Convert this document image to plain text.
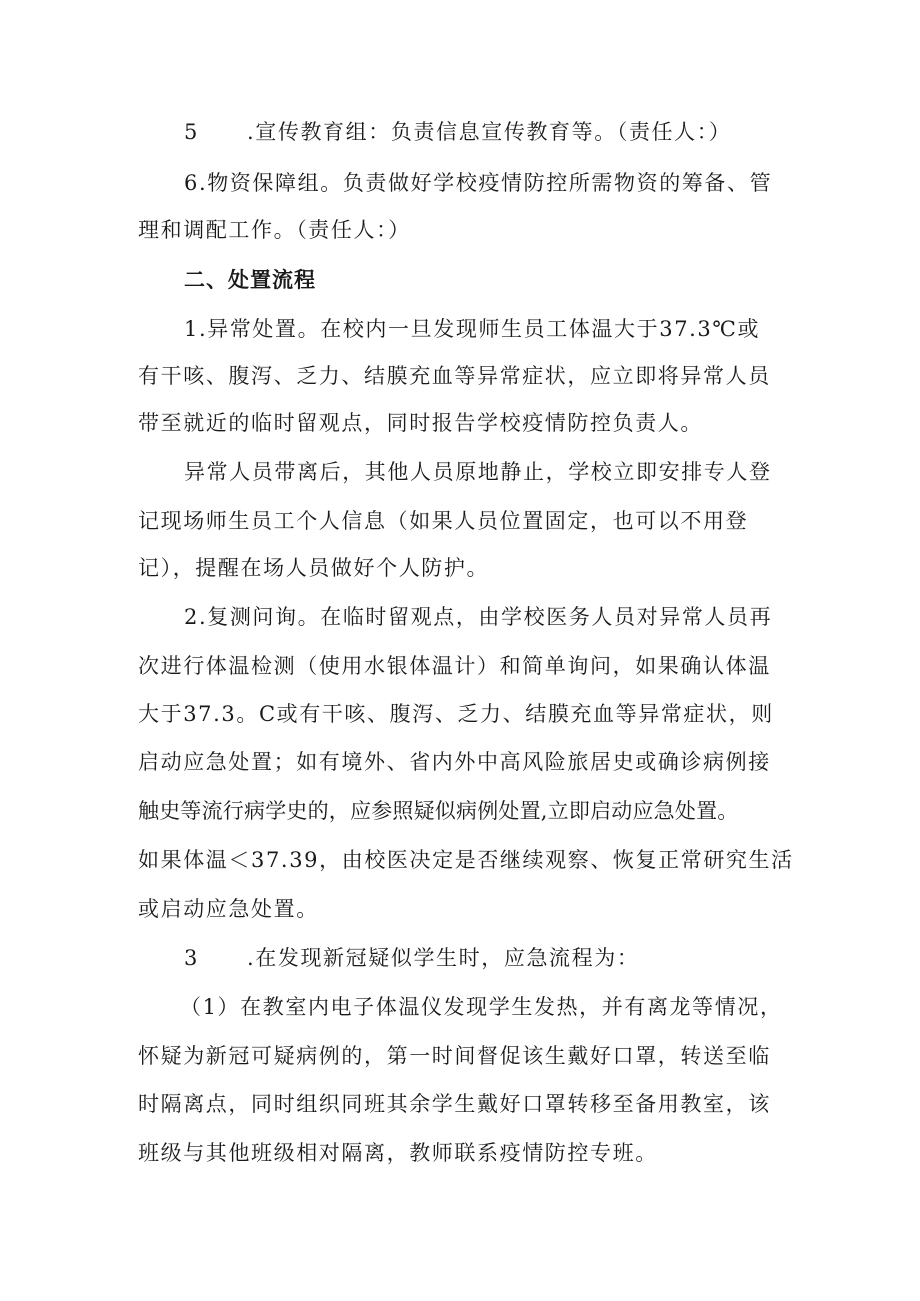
5 .宣传教育组：负责信息宣传教育等。（责任人：）
6.物资保障组。负责做好学校疫情防控所需物资的筹备、管
理和调配工作。（责任人：）
二、处置流程
1.异常处置。在校内一旦发现师生员工体温大于37.3℃或
有干咳、腹泻、乏力、结膜充血等异常症状，应立即将异常人员
带至就近的临时留观点，同时报告学校疫情防控负责人。
异常人员带离后，其他人员原地静止，学校立即安排专人登
记现场师生员工个人信息（如果人员位置固定，也可以不用登
记），提醒在场人员做好个人防护。
2.复测问询。在临时留观点，由学校医务人员对异常人员再
次进行体温检测（使用水银体温计）和简单询问，如果确认体温
大于37.3。C或有干咳、腹泻、乏力、结膜充血等异常症状，则
启动应急处置；如有境外、省内外中高风险旅居史或确诊病例接
触史等流行病学史的，应参照疑似病例处置,立即启动应急处置。
如果体温＜37.39，由校医决定是否继续观察、恢复正常研究生活
或启动应急处置。
3 .在发现新冠疑似学生时，应急流程为：
（1）在教室内电子体温仪发现学生发热，并有离龙等情况，
怀疑为新冠可疑病例的，第一时间督促该生戴好口罩，转送至临
时隔离点，同时组织同班其余学生戴好口罩转移至备用教室，该
班级与其他班级相对隔离，教师联系疫情防控专班。
